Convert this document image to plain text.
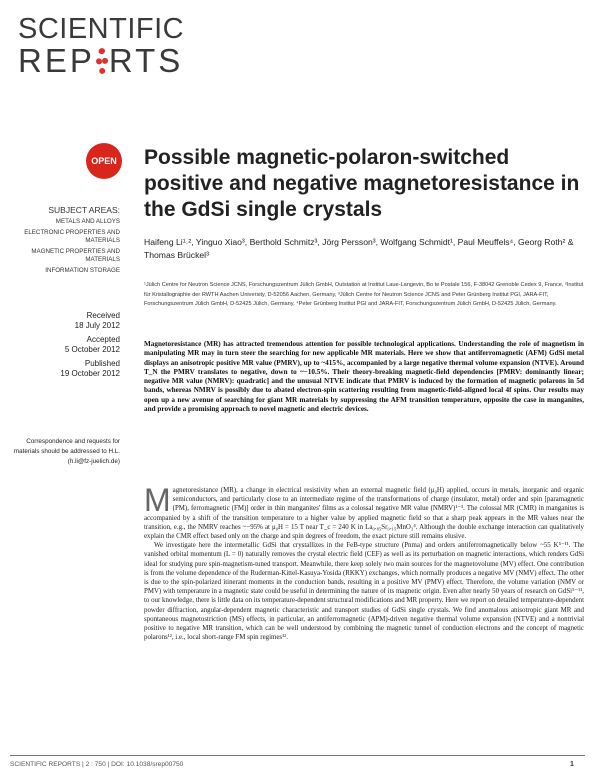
SCIENTIFIC
REP RTS
OPEN
SUBJECT AREAS:
METALS AND ALLOYS
ELECTRONIC PROPERTIES AND MATERIALS
MAGNETIC PROPERTIES AND MATERIALS
INFORMATION STORAGE
Received
18 July 2012
Accepted
5 October 2012
Published
19 October 2012
Correspondence and requests for materials should be addressed to H.L. (h.li@fz-juelich.de)
Possible magnetic-polaron-switched positive and negative magnetoresistance in the GdSi single crystals
Haifeng Li¹˒², Yinguo Xiao³, Berthold Schmitz³, Jörg Persson³, Wolfgang Schmidt¹, Paul Meuffels⁴, Georg Roth² & Thomas Brückel³
¹Jülich Centre for Neutron Science JCNS, Forschungszentrum Jülich GmbH, Outstation at Institut Laue-Langevin, Bo te Postale 156, F-38042 Grenoble Cedex 9, France, ²Institut für Kristallographie der RWTH Aachen University, D-52056 Aachen, Germany, ³Jülich Centre for Neutron Science JCNS and Peter Grünberg Institut PGI, JARA-FIT, Forschungszentrum Jülich GmbH, D-52425 Jülich, Germany, ⁴Peter Grünberg Institut PGI and JARA-FIT, Forschungszentrum Jülich GmbH, D-52425 Jülich, Germany.
Magnetoresistance (MR) has attracted tremendous attention for possible technological applications. Understanding the role of magnetism in manipulating MR may in turn steer the searching for new applicable MR materials. Here we show that antiferromagnetic (AFM) GdSi metal displays an anisotropic positive MR value (PMRV), up to ~415%, accompanied by a large negative thermal volume expansion (NTVE). Around T_N the PMRV translates to negative, down to ~−10.5%. Their theory-breaking magnetic-field dependencies [PMRV: dominantly linear; negative MR value (NMRV): quadratic] and the unusual NTVE indicate that PMRV is induced by the formation of magnetic polarons in 5d bands, whereas NMRV is possibly due to abated electron-spin scattering resulting from magnetic-field-aligned local 4f spins. Our results may open up a new avenue of searching for giant MR materials by suppressing the AFM transition temperature, opposite the case in manganites, and provide a promising approach to novel magnetic and electric devices.
M agnetoresistance (MR), a change in electrical resistivity when an external magnetic field (μ₀H) applied, occurs in metals, inorganic and organic semiconductors, and particularly close to an intermediate regime of the transformations of charge (insulator, metal) order and spin [paramagnetic (PM), ferromagnetic (FM)] order in thin manganites' films as a colossal negative MR value (NMRV)¹⁻³. The colossal MR (CMR) in manganites is accompanied by a shift of the transition temperature to a higher value by applied magnetic field so that a sharp peak appears in the MR values near the transition, e.g., the NMRV reaches ~−95% at μ₀H = 15 T near T_c = 240 K in La₀.₈₅Sr₀.₁₅MnO₃⁴. Although the double exchange interaction can qualitatively explain the CMR effect based only on the charge and spin degrees of freedom, the exact picture still remains elusive.

We investigate here the intermetallic GdSi that crystallizes in the FeB-type structure (Pnma) and orders antiferromagnetically below ~55 K⁵⁻¹¹. The vanished orbital momentum (L = 0) naturally removes the crystal electric field (CEF) as well as its perturbation on magnetic interactions, which renders GdSi ideal for studying pure spin-magnetism-tuned transport. Meanwhile, there keep solely two main sources for the magnetovolume (MV) effect. One contribution is from the volume dependence of the Ruderman-Kittel-Kasuya-Yosida (RKKY) exchanges, which normally produces a negative MV (NMV) effect. The other is due to the spin-polarized itinerant moments in the conduction bands, resulting in a positive MV (PMV) effect. Therefore, the volume variation (NMV or PMV) with temperature in a magnetic state could be useful in determining the nature of its magnetic origin. Even after nearly 50 years of research on GdSi⁵⁻¹¹, to our knowledge, there is little data on its temperature-dependent structural modifications and MR property. Here we report on detailed temperature-dependent powder diffraction, angular-dependent magnetic characteristic and transport studies of GdSi single crystals. We find anomalous anisotropic giant MR and spontaneous magnetostriction (MS) effects, in particular, an antiferromagnetic (APM)-driven negative thermal volume expansion (NTVE) and a nontrivial positive to negative MR transition, which can be well understood by combining the magnetic tunnel of conduction electrons and the concept of magnetic polarons¹², i.e., local short-range FM spin regimes¹².

SCIENTIFIC REPORTS | 2 : 750 | DOI: 10.1038/srep00750	1
